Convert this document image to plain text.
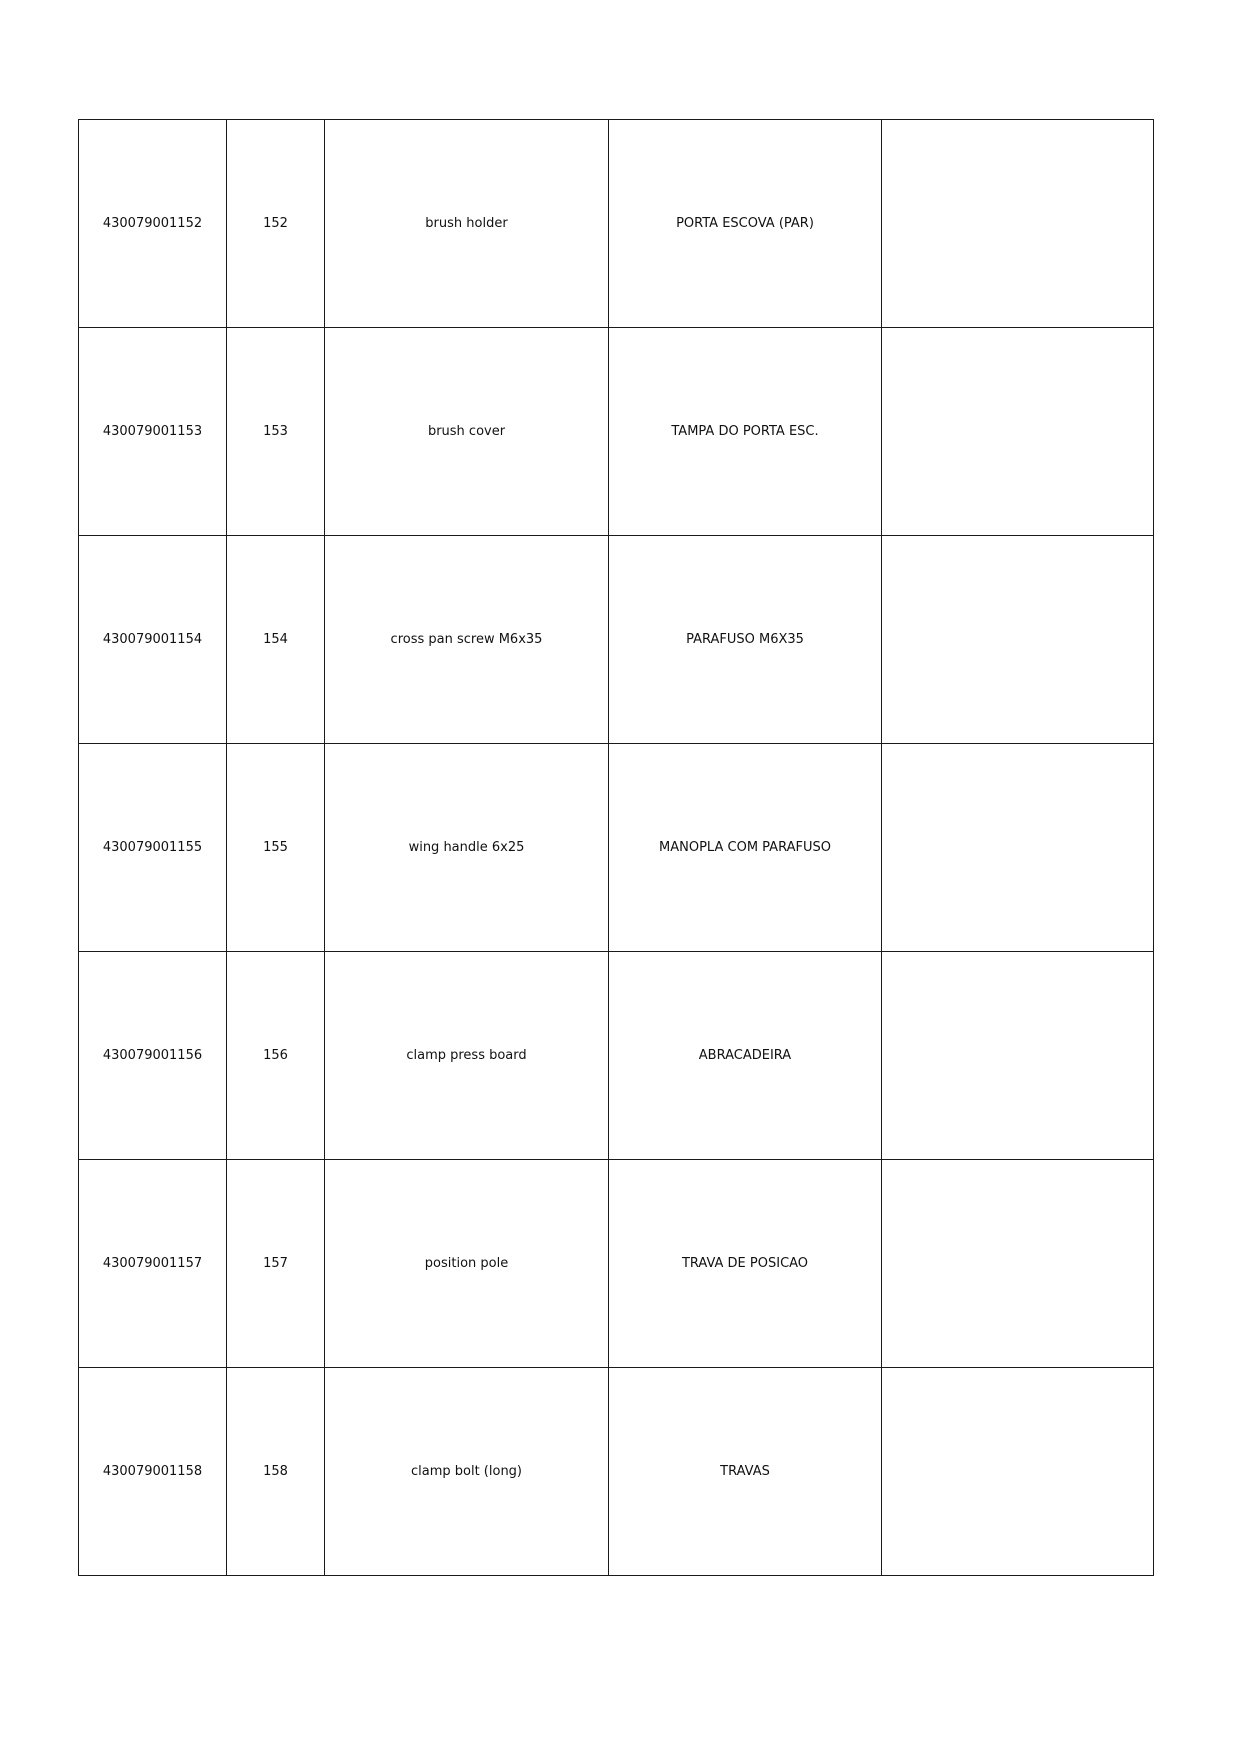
430079001152	152	brush holder	PORTA ESCOVA (PAR)	
430079001153	153	brush cover	TAMPA DO PORTA ESC.	
430079001154	154	cross pan screw M6x35	PARAFUSO M6X35	
430079001155	155	wing handle 6x25	MANOPLA COM PARAFUSO	
430079001156	156	clamp press board	ABRACADEIRA	
430079001157	157	position pole	TRAVA DE POSICAO	
430079001158	158	clamp bolt (long)	TRAVAS	
